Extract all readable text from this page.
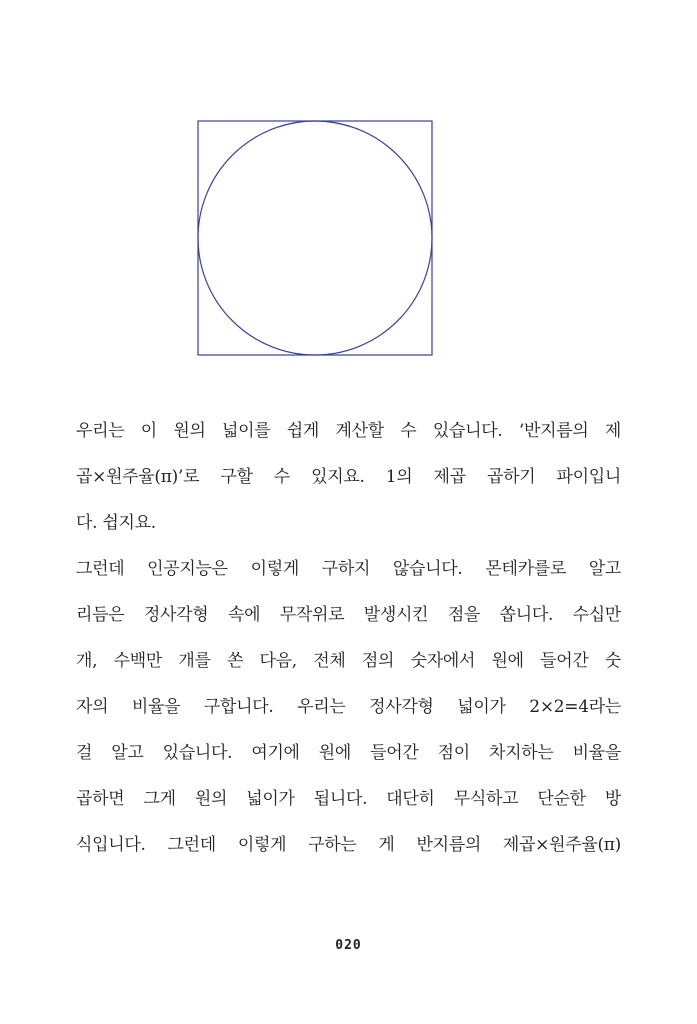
우리는 이 원의 넓이를 쉽게 계산할 수 있습니다. ‘반지름의 제
곱×원주율(π)’로 구할 수 있지요. 1의 제곱 곱하기 파이입니
다. 쉽지요.
그런데 인공지능은 이렇게 구하지 않습니다. 몬테카를로 알고
리듬은 정사각형 속에 무작위로 발생시킨 점을 쏩니다. 수십만
개, 수백만 개를 쏜 다음, 전체 점의 숫자에서 원에 들어간 숫
자의 비율을 구합니다. 우리는 정사각형 넓이가 2×2=4라는
걸 알고 있습니다. 여기에 원에 들어간 점이 차지하는 비율을
곱하면 그게 원의 넓이가 됩니다. 대단히 무식하고 단순한 방
식입니다. 그런데 이렇게 구하는 게 반지름의 제곱×원주율(π)
020
